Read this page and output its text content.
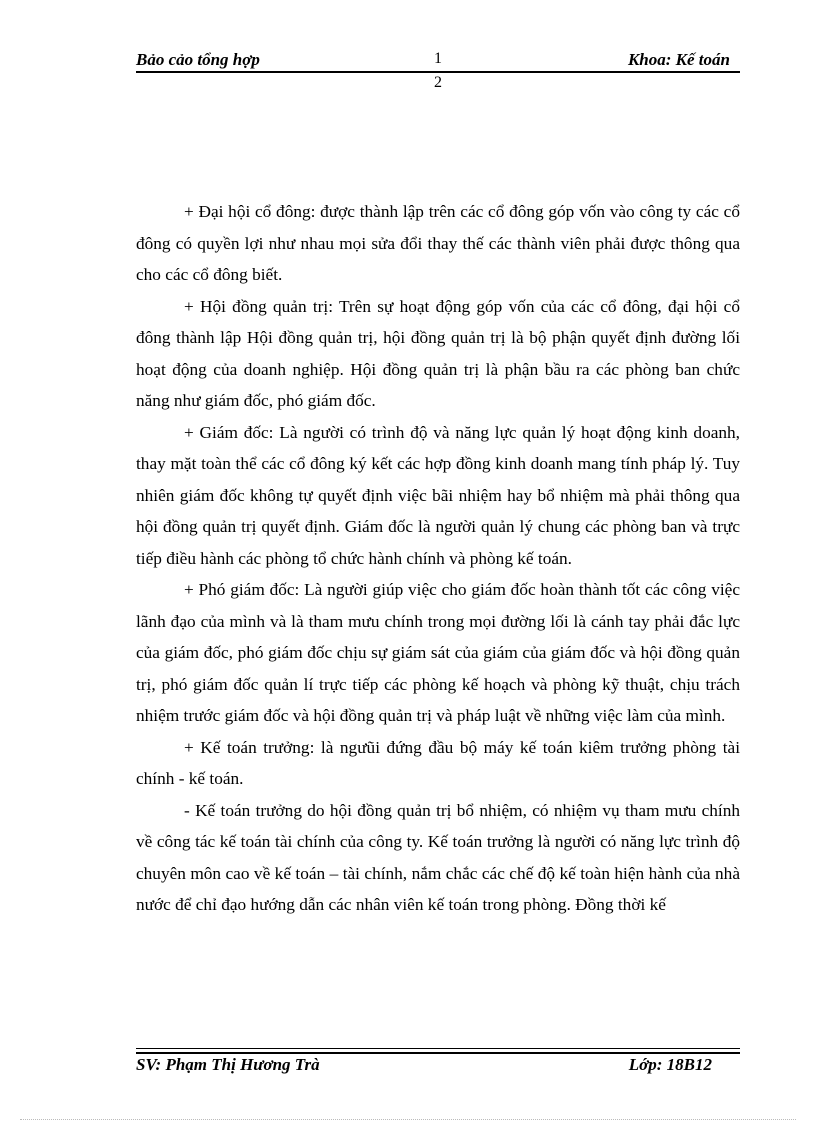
Bảo cảo tổng hợp	Khoa: Kế toán
1
2

+ Đại hội cổ đông: được thành lập trên các cổ đông góp vốn vào công ty các cổ đông có quyền lợi như nhau mọi sửa đổi thay thế các thành viên phải được thông qua cho các cổ đông biết.

+ Hội đồng quản trị: Trên sự hoạt động góp vốn của các cổ đông, đại hội cổ đông thành lập Hội đồng quản trị, hội đồng quản trị là bộ phận quyết định đường lối hoạt động của doanh nghiệp. Hội đồng quản trị là phận bầu ra các phòng ban chức năng như giám đốc, phó giám đốc.

+ Giám đốc: Là người có trình độ và năng lực quản lý hoạt động kinh doanh, thay mặt toàn thể các cổ đông ký kết các hợp đồng kinh doanh mang tính pháp lý. Tuy nhiên giám đốc không tự quyết định việc bãi nhiệm hay bổ nhiệm mà phải thông qua hội đồng quản trị quyết định. Giám đốc là người quản lý chung các phòng ban và trực tiếp điều hành các phòng tổ chức hành chính và phòng kế toán.

+ Phó giám đốc: Là người giúp việc cho giám đốc hoàn thành tốt các công việc lãnh đạo của mình và là tham mưu chính trong mọi đường lối là cánh tay phải đắc lực của giám đốc, phó giám đốc chịu sự giám sát của giám của giám đốc và hội đồng quản trị, phó giám đốc quản lí trực tiếp các phòng kế hoạch và phòng kỹ thuật, chịu trách nhiệm trước giám đốc và hội đồng quản trị và pháp luật về những việc làm của mình.

+ Kế toán trưởng: là ngưũi đứng đầu bộ máy kế toán kiêm trưởng phòng tài chính - kế toán.

- Kế toán trưởng do hội đồng quản trị bổ nhiệm, có nhiệm vụ tham mưu chính về công tác kế toán tài chính của công ty. Kế toán trưởng là người có năng lực trình độ chuyên môn cao về kế toán – tài chính, nắm chắc các chế độ kế toàn hiện hành của nhà nước để chỉ đạo hướng dẫn các nhân viên kế toán trong phòng. Đồng thời kế

SV: Phạm Thị Hương Trà	Lớp: 18B12
